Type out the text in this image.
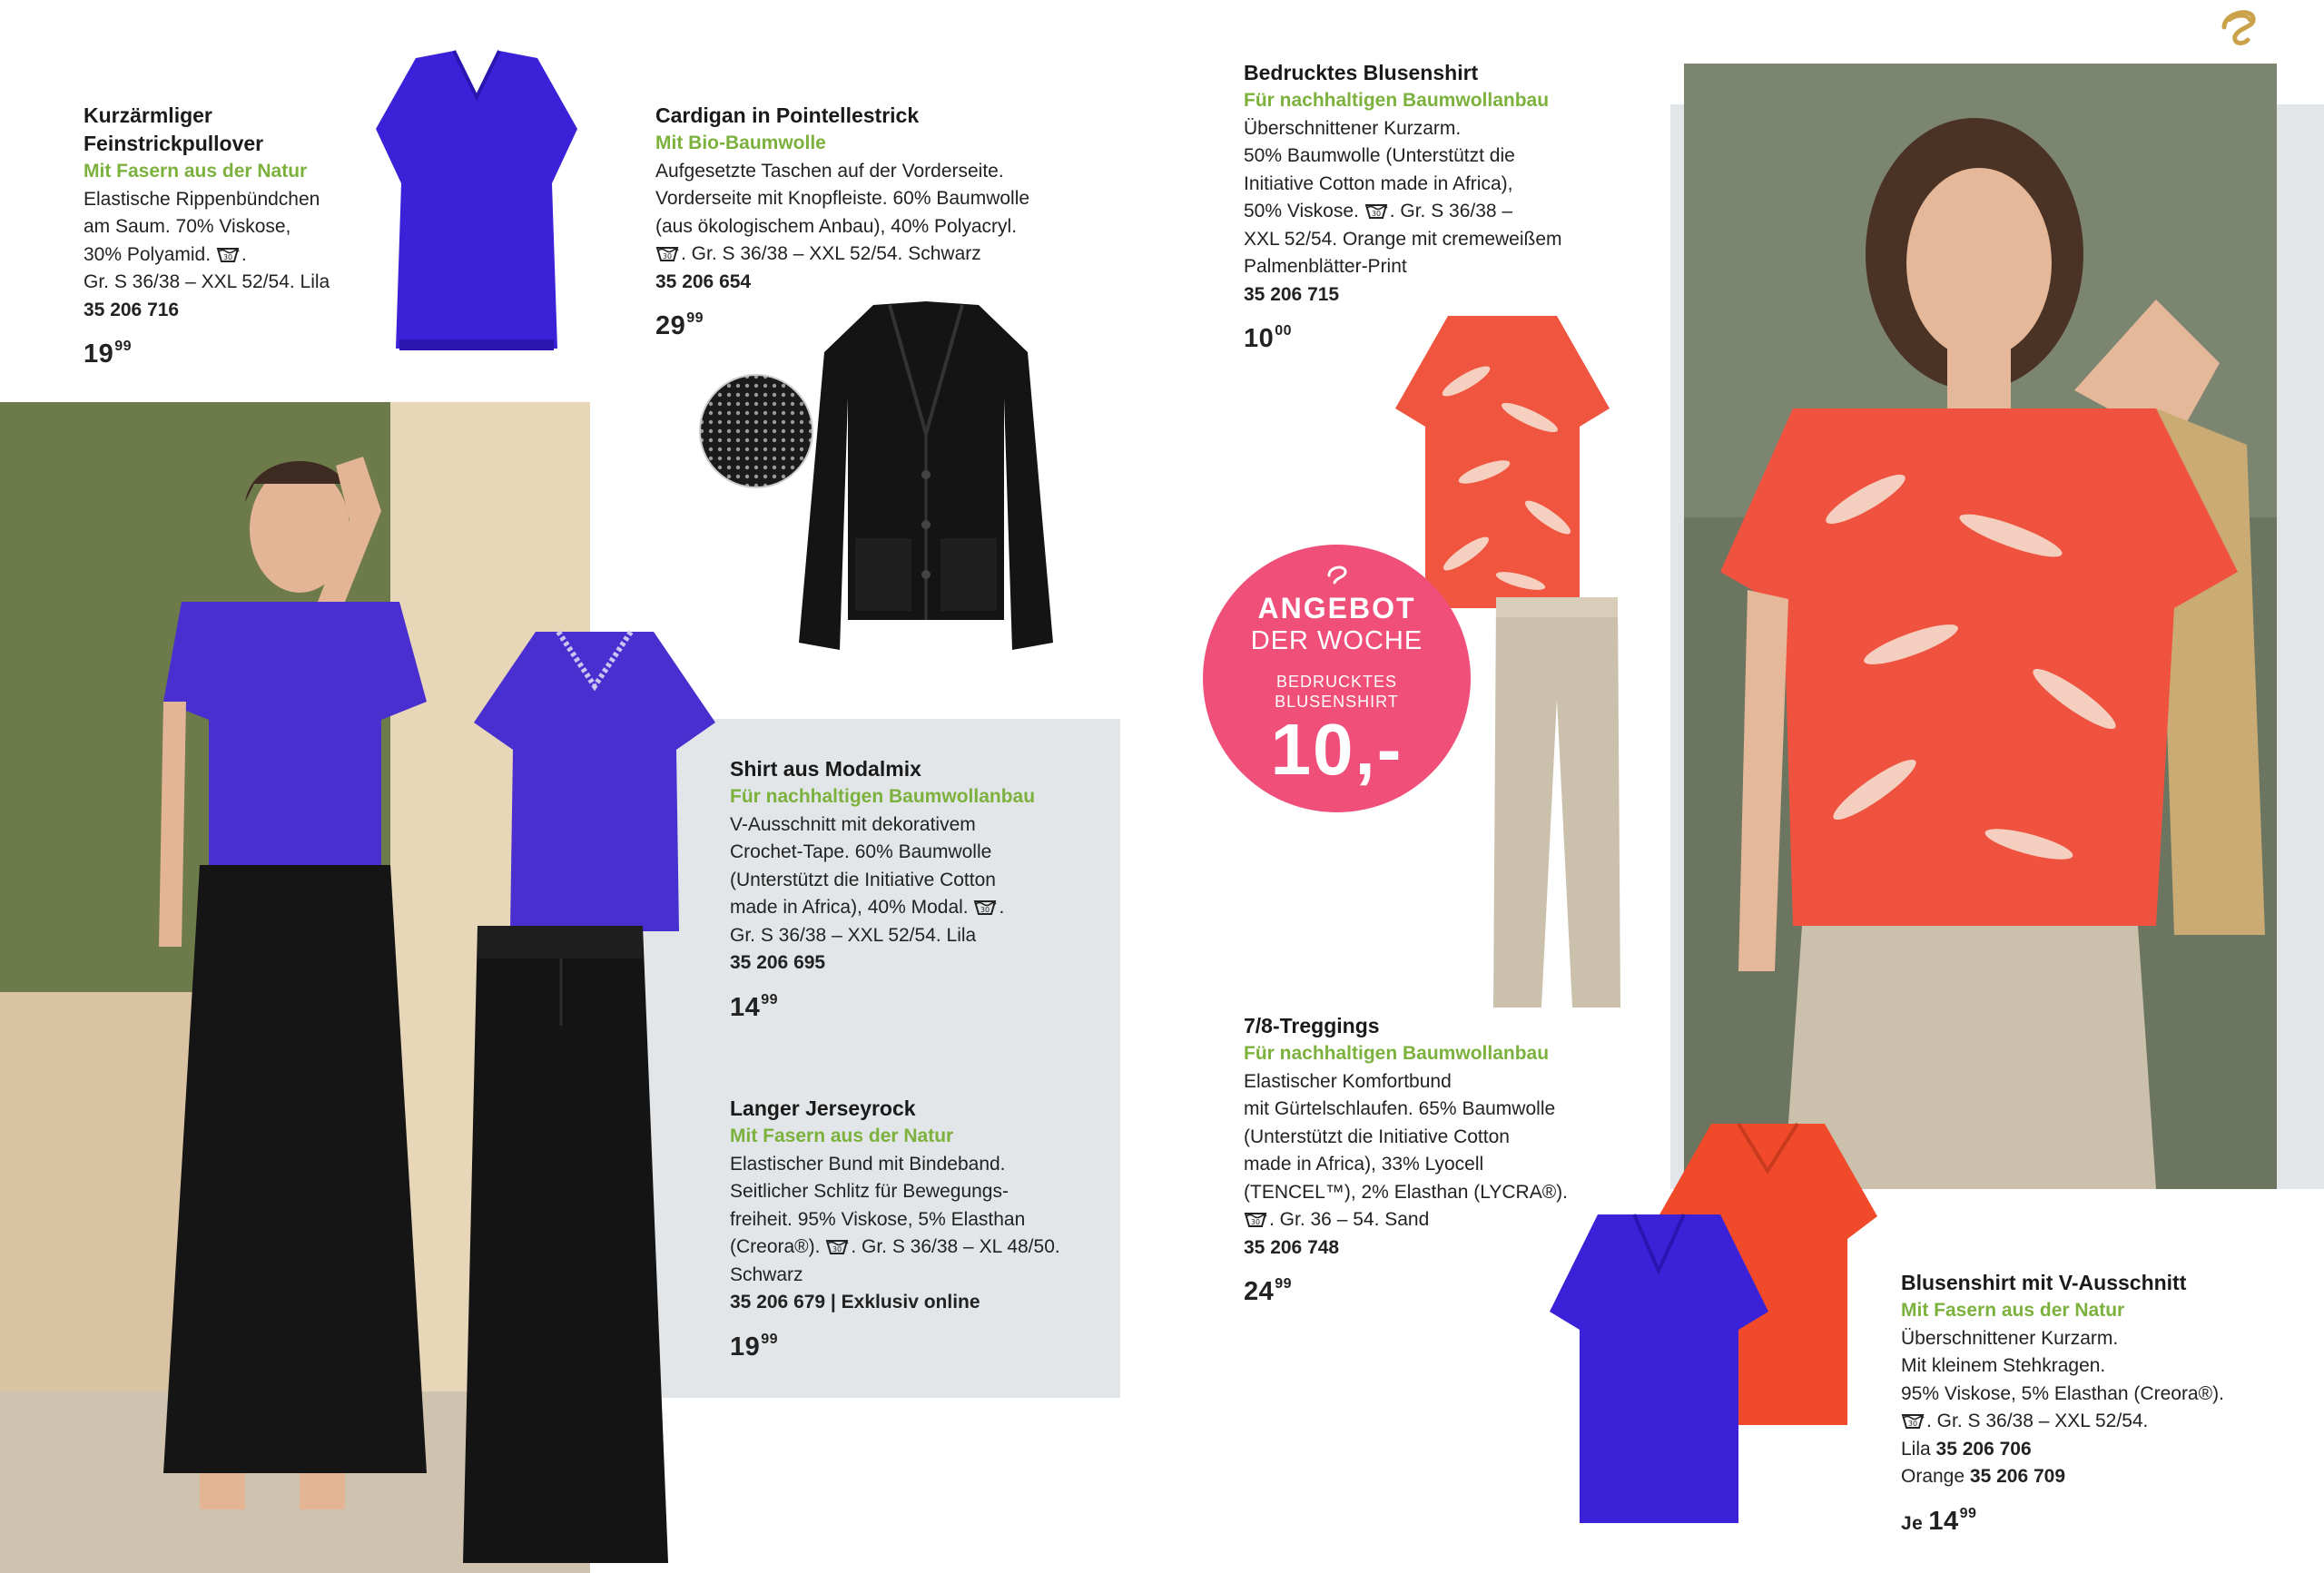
ANGEBOT
DER WOCHE
BEDRUCKTES
BLUSENSHIRT
10,-
Kurzärmliger
Feinstrickpullover
Mit Fasern aus der Natur
Elastische Rippenbündchen
am Saum. 70% Viskose,
30% Polyamid. 30 .
Gr. S 36/38 – XXL 52/54. Lila
35 206 716
$19^{99}$
Cardigan in Pointellestrick
Mit Bio-Baumwolle
Aufgesetzte Taschen auf der Vorderseite.
Vorderseite mit Knopfleiste. 60% Baumwolle
(aus ökologischem Anbau), 40% Polyacryl.

30 . Gr. S 36/38 – XXL 52/54. Schwarz
35 206 654
$29^{99}$
Bedrucktes Blusenshirt
Für nachhaltigen Baumwollanbau
Überschnittener Kurzarm.
50% Baumwolle (Unterstützt die
Initiative Cotton made in Africa),
50% Viskose. 30 . Gr. S 36/38 –
XXL 52/54. Orange mit cremeweißem
Palmenblätter-Print
35 206 715
$10^{00}$
Shirt aus Modalmix
Für nachhaltigen Baumwollanbau
V-Ausschnitt mit dekorativem
Crochet-Tape. 60% Baumwolle
(Unterstützt die Initiative Cotton
made in Africa), 40% Modal. 30 .
Gr. S 36/38 – XXL 52/54. Lila
35 206 695
$14^{99}$
Langer Jerseyrock
Mit Fasern aus der Natur
Elastischer Bund mit Bindeband.
Seitlicher Schlitz für Bewegungs-
freiheit. 95% Viskose, 5% Elasthan
(Creora®). 30 . Gr. S 36/38 – XL 48/50.
Schwarz
35 206 679 | Exklusiv online
$19^{99}$
7/8-Treggings
Für nachhaltigen Baumwollanbau
Elastischer Komfortbund
mit Gürtelschlaufen. 65% Baumwolle
(Unterstützt die Initiative Cotton
made in Africa), 33% Lyocell
(TENCEL™), 2% Elasthan (LYCRA®).

30 . Gr. 36 – 54. Sand
35 206 748
$24^{99}$	Blusenshirt mit V-Ausschnitt
Mit Fasern aus der Natur
Überschnittener Kurzarm.
Mit kleinem Stehkragen.
95% Viskose, 5% Elasthan (Creora®).

30 . Gr. S 36/38 – XXL 52/54.
Lila 35 206 706
Orange 35 206 709
Je $14^{99}$
